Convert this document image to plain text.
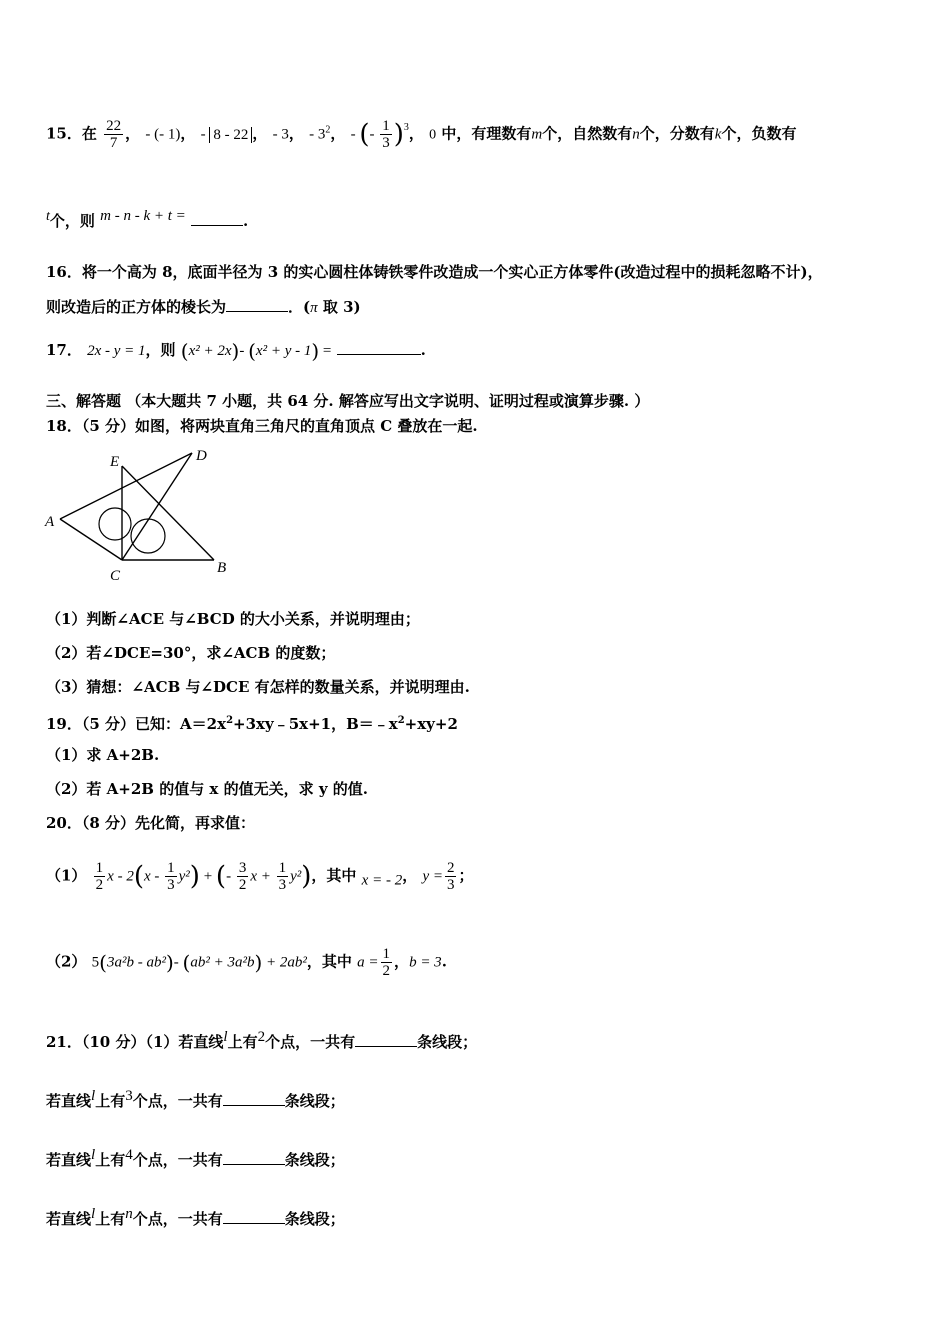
15．在 $\frac{22}{7}$ ， - (- 1)， - 8 - 22 ， - 3， - $3^2$， - (- $\frac{1}{3} )^3$， 0 中，有理数有m个，自然数有n个，分数有k个，负数有
t个，则 m - n - k + t =	.
16．将一个高为 8，底面半径为 3 的实心圆柱体铸铁零件改造成一个实心正方体零件(改造过程中的损耗忽略不计)，
则改造后的正方体的棱长为	．(π 取 3)
17． 2x - y = 1，则 (x² + 2x)- (x² + y - 1) =	.
三、解答题 （本大题共 7 小题，共 64 分. 解答应写出文字说明、证明过程或演算步骤. ）
18．（5 分）如图，将两块直角三角尺的直角顶点 C 叠放在一起.
E	D
A
C	B
（1）判断∠ACE 与∠BCD 的大小关系，并说明理由；
（2）若∠DCE=30°，求∠ACB 的度数；
（3）猜想：∠ACB 与∠DCE 有怎样的数量关系，并说明理由.
19．（5 分）已知：$A=2x^2+3xy﹣5x+1$，$B=﹣x^2+xy+2$
（1）求 A+2B.
（2）若 A+2B 的值与 x 的值无关，求 y 的值.
20．（8 分）先化简，再求值：
$(1) \frac{1}{2}$ x - $2(x - \frac{1}{3} y^2)$ + (- $\frac{3}{2}$ $x + \frac{1}{3} y^2$)，其中 x = - 2， $y = \frac{2}{3}$ ；
（2） 5(3a²b - ab²)- (ab² + 3a²b) + 2ab²，其中 $a = \frac{1}{2}$ ，b = 3.
21．（10 分）（1）若直线l上有2个点，一共有	条线段；
若直线l上有3个点，一共有	条线段；
若直线l上有4个点，一共有	条线段；
若直线l上有n个点，一共有	条线段；
